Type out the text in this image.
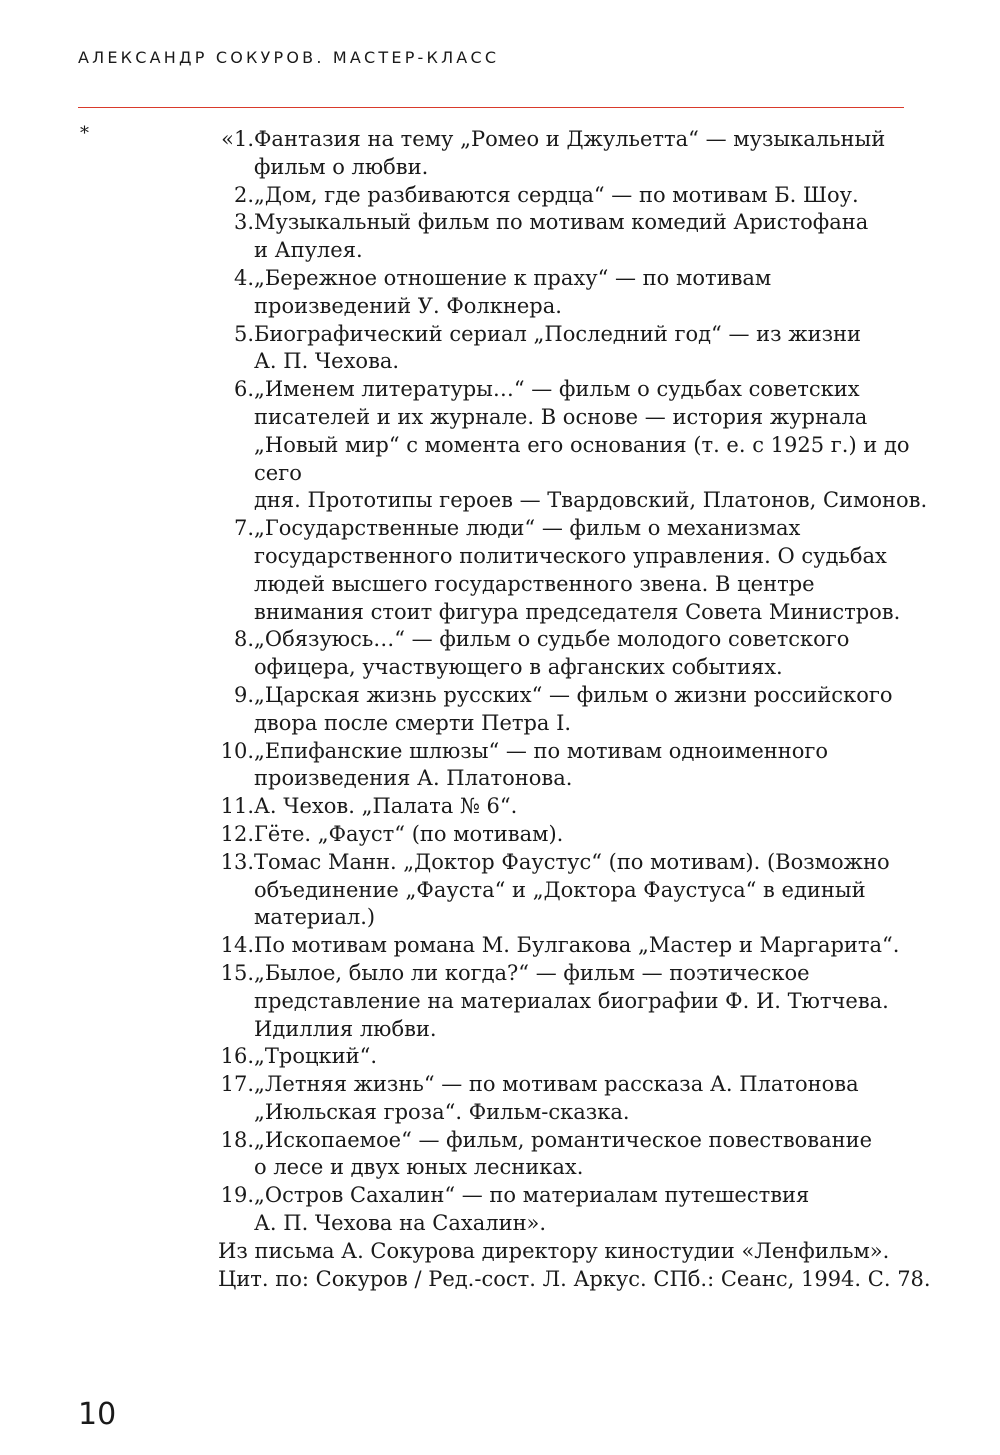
АЛЕКСАНДР СОКУРОВ. МАСТЕР-КЛАСС
*	«1. Фантазия на тему „Ромео и Джульетта“ — музыкальный
фильм о любви.
2. „Дом, где разбиваются сердца“ — по мотивам Б. Шоу.
3. Музыкальный фильм по мотивам комедий Аристофана
и Апулея.
4. „Бережное отношение к праху“ — по мотивам
произведений У. Фолкнера.
5. Биографический сериал „Последний год“ — из жизни
А. П. Чехова.
6. „Именем литературы…“ — фильм о судьбах советских
писателей и их журнале. В основе — история журнала
„Новый мир“ с момента его основания (т. е. с 1925 г.) и до сего
дня. Прототипы героев — Твардовский, Платонов, Симонов.
7. „Государственные люди“ — фильм о механизмах
государственного политического управления. О судьбах
людей высшего государственного звена. В центре
внимания стоит фигура председателя Совета Министров.
8. „Обязуюсь…“ — фильм о судьбе молодого советского
офицера, участвующего в афганских событиях.
9. „Царская жизнь русских“ — фильм о жизни российского
двора после смерти Петра I.
10. „Епифанские шлюзы“ — по мотивам одноименного
произведения А. Платонова.
11. А. Чехов. „Палата № 6“.
12. Гёте. „Фауст“ (по мотивам).
13. Томас Манн. „Доктор Фаустус“ (по мотивам). (Возможно
объединение „Фауста“ и „Доктора Фаустуса“ в единый
материал.)
14. По мотивам романа М. Булгакова „Мастер и Маргарита“.
15. „Былое, было ли когда?“ — фильм — поэтическое
представление на материалах биографии Ф. И. Тютчева.
Идиллия любви.
16. „Троцкий“.
17. „Летняя жизнь“ — по мотивам рассказа А. Платонова
„Июльская гроза“. Фильм-сказка.
18. „Ископаемое“ — фильм, романтическое повествование
о лесе и двух юных лесниках.
19. „Остров Сахалин“ — по материалам путешествия
А. П. Чехова на Сахалин».
Из письма А. Сокурова директору киностудии «Ленфильм».
Цит. по: Сокуров / Ред.-сост. Л. Аркус. СПб.: Сеанс, 1994. С. 78.
10
